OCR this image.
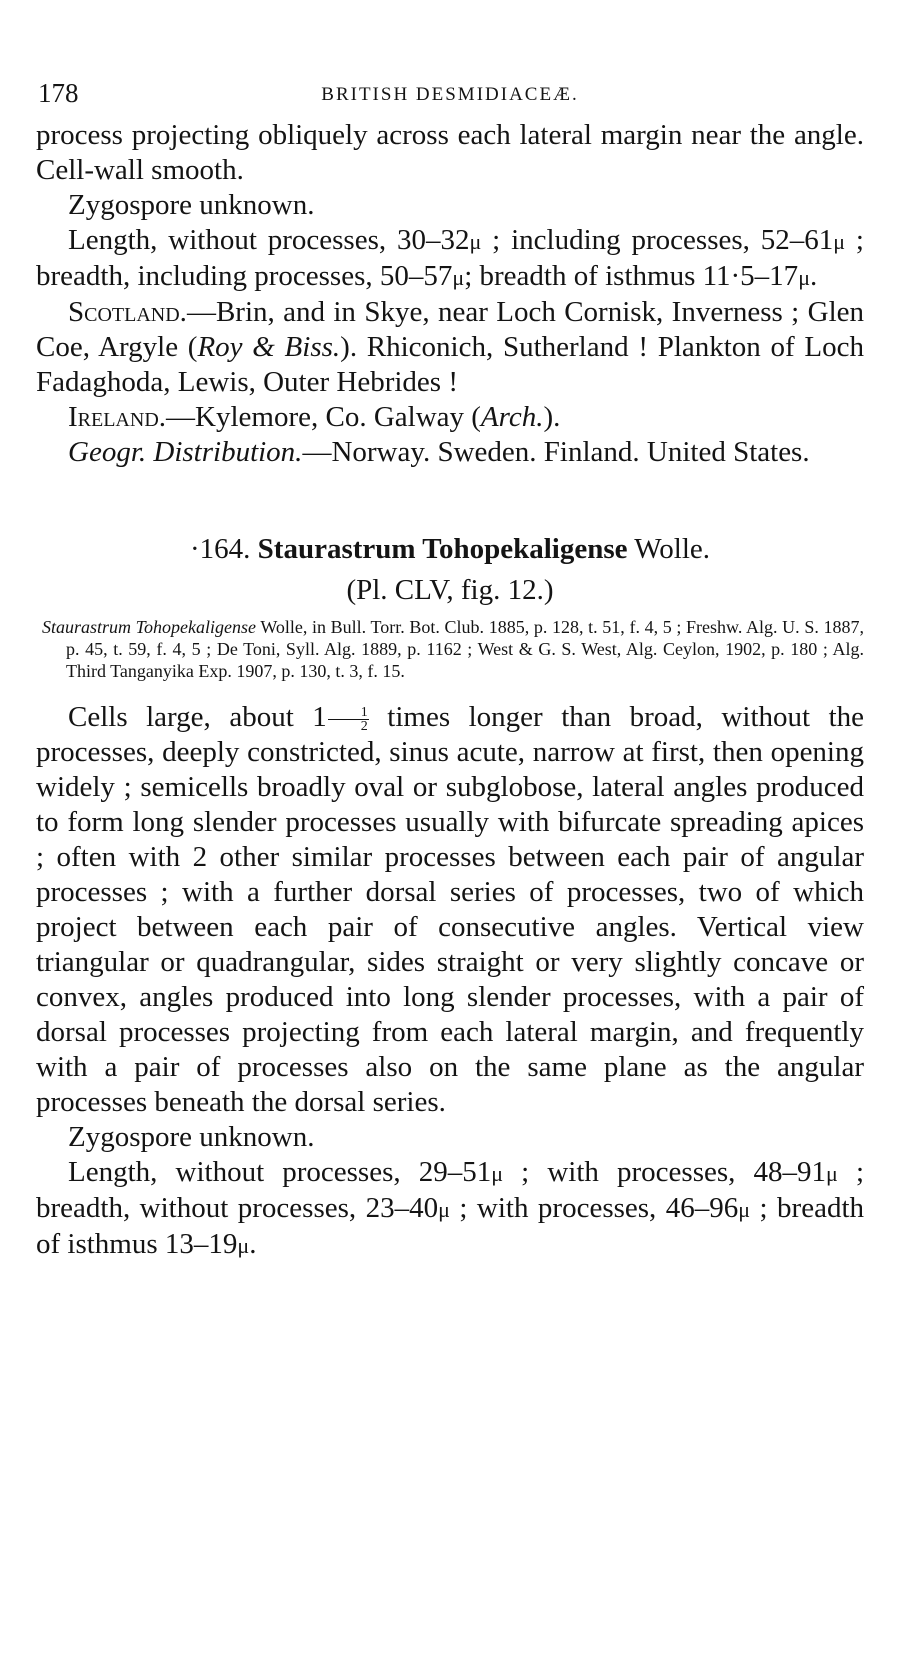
178	BRITISH DESMIDIACEÆ.

process projecting obliquely across each lateral margin near the angle. Cell-wall smooth.

Zygospore unknown.

Length, without processes, 30–32μ ; including processes, 52–61μ ; breadth, including processes, 50–57μ; breadth of isthmus 11·5–17μ.

Scotland.—Brin, and in Skye, near Loch Cornisk, Inverness ; Glen Coe, Argyle (Roy & Biss.). Rhiconich, Sutherland ! Plankton of Loch Fadaghoda, Lewis, Outer Hebrides !

Ireland.—Kylemore, Co. Galway (Arch.).

Geogr. Distribution.—Norway. Sweden. Finland. United States.

·164. Staurastrum Tohopekaligense Wolle.
(Pl. CLV, fig. 12.)

Staurastrum Tohopekaligense Wolle, in Bull. Torr. Bot. Club. 1885, p. 128, t. 51, f. 4, 5 ; Freshw. Alg. U. S. 1887, p. 45, t. 59, f. 4, 5 ; De Toni, Syll. Alg. 1889, p. 1162 ; West & G. S. West, Alg. Ceylon, 1902, p. 180 ; Alg. Third Tanganyika Exp. 1907, p. 130, t. 3, f. 15.

Cells large, about $1 \frac{1}{2}$ times longer than broad, without the processes, deeply constricted, sinus acute, narrow at first, then opening widely ; semicells broadly oval or subglobose, lateral angles produced to form long slender processes usually with bifurcate spreading apices ; often with 2 other similar processes between each pair of angular processes ; with a further dorsal series of processes, two of which project between each pair of consecutive angles. Vertical view triangular or quadrangular, sides straight or very slightly concave or convex, angles produced into long slender processes, with a pair of dorsal processes projecting from each lateral margin, and frequently with a pair of processes also on the same plane as the angular processes beneath the dorsal series.

Zygospore unknown.

Length, without processes, 29–51μ ; with processes, 48–91μ ; breadth, without processes, 23–40μ ; with processes, 46–96μ ; breadth of isthmus 13–19μ.
